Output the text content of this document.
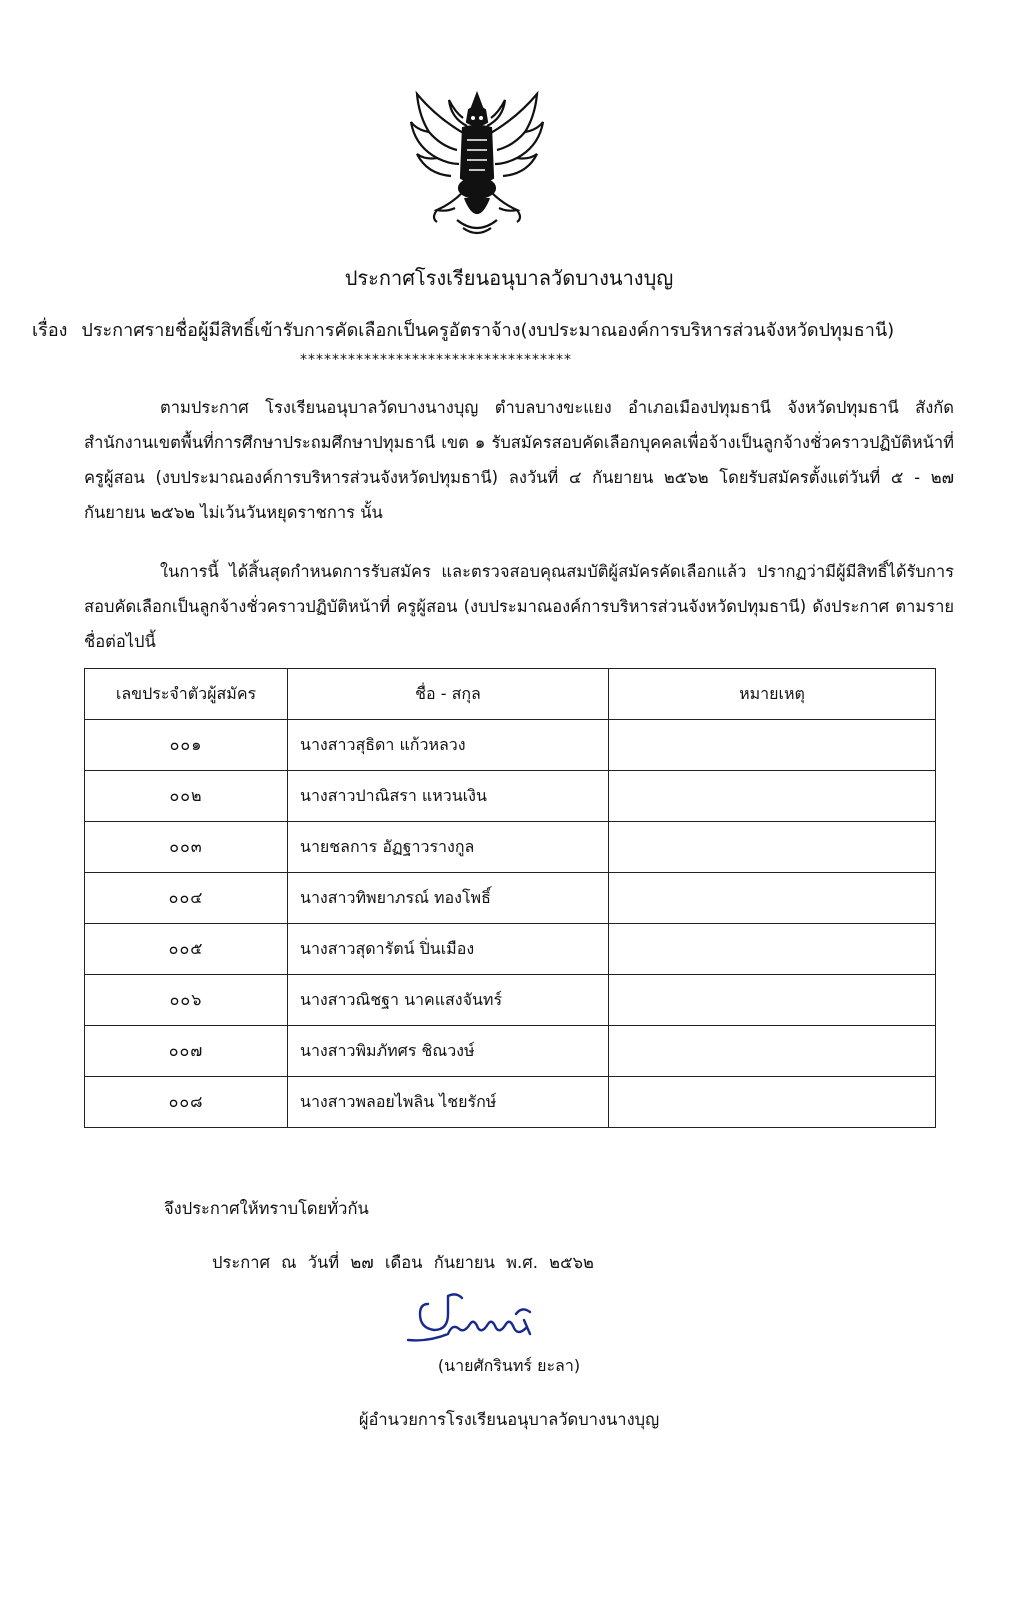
ประกาศโรงเรียนอนุบาลวัดบางนางบุญ
เรื่อง ประกาศรายชื่อผู้มีสิทธิ์เข้ารับการคัดเลือกเป็นครูอัตราจ้าง(งบประมาณองค์การบริหารส่วนจังหวัดปทุมธานี)
**********************************
ตามประกาศ โรงเรียนอนุบาลวัดบางนางบุญ ตำบลบางขะแยง อำเภอเมืองปทุมธานี จังหวัดปทุมธานี สังกัดสำนักงานเขตพื้นที่การศึกษาประถมศึกษาปทุมธานี เขต ๑ รับสมัครสอบคัดเลือกบุคคลเพื่อจ้างเป็นลูกจ้างชั่วคราวปฏิบัติหน้าที่ ครูผู้สอน (งบประมาณองค์การบริหารส่วนจังหวัดปทุมธานี) ลงวันที่ ๔ กันยายน ๒๕๖๒ โดยรับสมัครตั้งแต่วันที่ ๕ - ๒๗ กันยายน ๒๕๖๒ ไม่เว้นวันหยุดราชการ นั้น
ในการนี้ ได้สิ้นสุดกำหนดการรับสมัคร และตรวจสอบคุณสมบัติผู้สมัครคัดเลือกแล้ว ปรากฏว่ามีผู้มีสิทธิ์ได้รับการสอบคัดเลือกเป็นลูกจ้างชั่วคราวปฏิบัติหน้าที่ ครูผู้สอน (งบประมาณองค์การบริหารส่วนจังหวัดปทุมธานี) ดังประกาศ ตามรายชื่อต่อไปนี้
เลขประจำตัวผู้สมัคร	ชื่อ - สกุล	หมายเหตุ
๐๐๑	นางสาวสุธิดา แก้วหลวง	
๐๐๒	นางสาวปาณิสรา แหวนเงิน	
๐๐๓	นายชลการ อัฏฐาวรางกูล	
๐๐๔	นางสาวทิพยาภรณ์ ทองโพธิ์	
๐๐๕	นางสาวสุดารัตน์ ปิ่นเมือง	
๐๐๖	นางสาวณิชฐา นาคแสงจันทร์	
๐๐๗	นางสาวพิมภัทศร ชิณวงษ์	
๐๐๘	นางสาวพลอยไพลิน ไชยรักษ์	
จึงประกาศให้ทราบโดยทั่วกัน
ประกาศ ณ วันที่ ๒๗ เดือน กันยายน พ.ศ. ๒๕๖๒
(นายศักรินทร์ ยะลา)
ผู้อำนวยการโรงเรียนอนุบาลวัดบางนางบุญ
